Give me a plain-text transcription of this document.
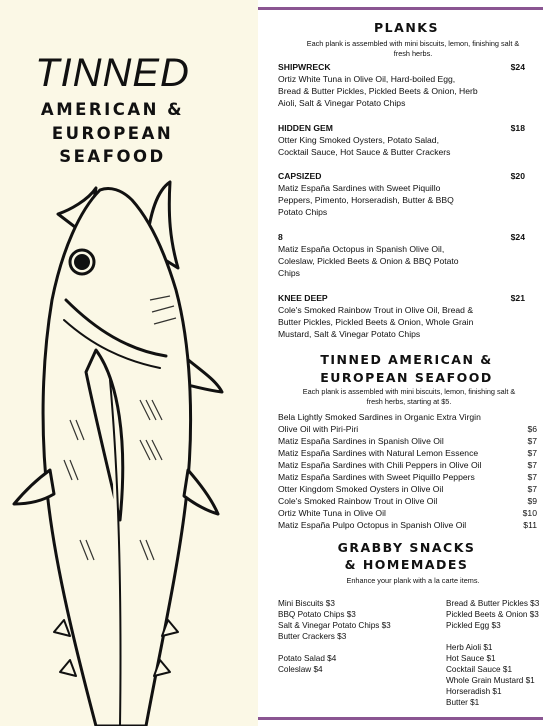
TINNED
AMERICAN &
EUROPEAN
SEAFOOD
PLANKS
Each plank is assembled with mini biscuits, lemon, finishing salt & fresh herbs.
SHIPWRECK	$24
Ortiz White Tuna in Olive Oil, Hard-boiled Egg, Bread & Butter Pickles, Pickled Beets & Onion, Herb Aioli, Salt & Vinegar Potato Chips
HIDDEN GEM	$18
Otter King Smoked Oysters, Potato Salad, Cocktail Sauce, Hot Sauce & Butter Crackers
CAPSIZED	$20
Matiz España Sardines with Sweet Piquillo Peppers, Pimento, Horseradish, Butter & BBQ Potato Chips
8	$24
Matiz España Octopus in Spanish Olive Oil, Coleslaw, Pickled Beets & Onion & BBQ Potato Chips
KNEE DEEP	$21
Cole's Smoked Rainbow Trout in Olive Oil, Bread & Butter Pickles, Pickled Beets & Onion, Whole Grain Mustard, Salt & Vinegar Potato Chips
TINNED AMERICAN &
EUROPEAN SEAFOOD
Each plank is assembled with mini biscuits, lemon, finishing salt & fresh herbs, starting at $5.
Bela Lightly Smoked Sardines in Organic Extra Virgin Olive Oil with Piri-Piri	$6
Matiz España Sardines in Spanish Olive Oil	$7
Matiz España Sardines with Natural Lemon Essence	$7
Matiz España Sardines with Chili Peppers in Olive Oil	$7
Matiz España Sardines with Sweet Piquillo Peppers	$7
Otter Kingdom Smoked Oysters in Olive Oil	$7
Cole's Smoked Rainbow Trout in Olive Oil	$9
Ortiz White Tuna in Olive Oil	$10
Matiz España Pulpo Octopus in Spanish Olive Oil	$11
GRABBY SNACKS
& HOMEMADES
Enhance your plank with a la carte items.
Mini Biscuits $3
BBQ Potato Chips $3
Salt & Vinegar Potato Chips $3
Butter Crackers $3
Potato Salad $4
Coleslaw $4
Bread & Butter Pickles $3
Pickled Beets & Onion $3
Pickled Egg $3
Herb Aioli $1
Hot Sauce $1
Cocktail Sauce $1
Whole Grain Mustard $1
Horseradish $1
Butter $1
